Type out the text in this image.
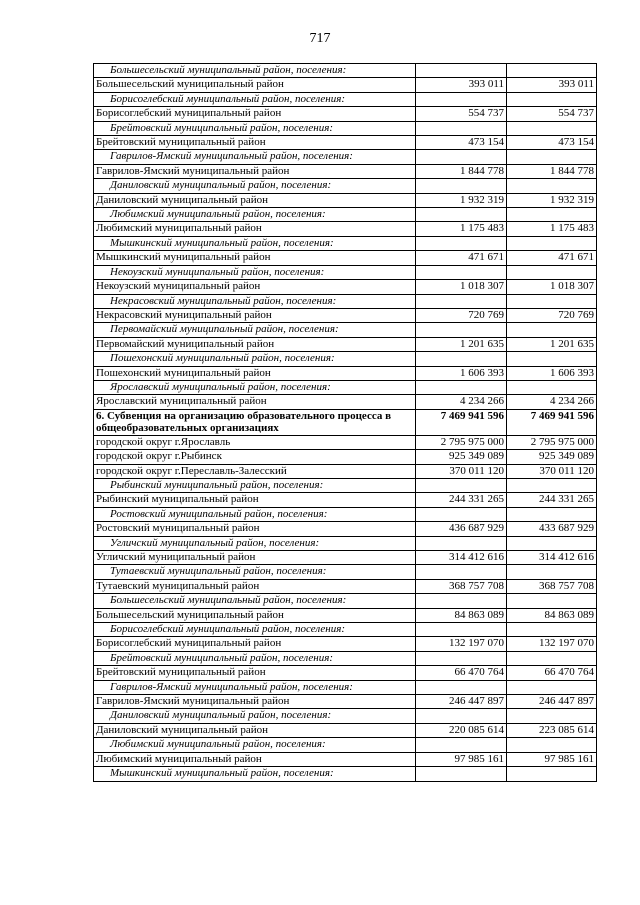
717
Большесельский муниципальный район, поселения:		
Большесельский муниципальный район	393 011	393 011
Борисоглебский муниципальный район, поселения:		
Борисоглебский муниципальный район	554 737	554 737
Брейтовский муниципальный район, поселения:		
Брейтовский муниципальный район	473 154	473 154
Гаврилов-Ямский муниципальный район, поселения:		
Гаврилов-Ямский муниципальный район	1 844 778	1 844 778
Даниловский муниципальный район, поселения:		
Даниловский муниципальный район	1 932 319	1 932 319
Любимский муниципальный район, поселения:		
Любимский муниципальный район	1 175 483	1 175 483
Мышкинский муниципальный район, поселения:		
Мышкинский муниципальный район	471 671	471 671
Некоузский муниципальный район, поселения:		
Некоузский муниципальный район	1 018 307	1 018 307
Некрасовский муниципальный район, поселения:		
Некрасовский муниципальный район	720 769	720 769
Первомайский муниципальный район, поселения:		
Первомайский муниципальный район	1 201 635	1 201 635
Пошехонский муниципальный район, поселения:		
Пошехонский муниципальный район	1 606 393	1 606 393
Ярославский муниципальный район, поселения:		
Ярославский муниципальный район	4 234 266	4 234 266
6. Субвенция на организацию образовательного процесса в общеобразовательных организациях	7 469 941 596	7 469 941 596
городской округ г.Ярославль	2 795 975 000	2 795 975 000
городской округ г.Рыбинск	925 349 089	925 349 089
городской округ г.Переславль-Залесский	370 011 120	370 011 120
Рыбинский муниципальный район, поселения:		
Рыбинский муниципальный район	244 331 265	244 331 265
Ростовский муниципальный район, поселения:		
Ростовский муниципальный район	436 687 929	433 687 929
Угличский муниципальный район, поселения:		
Угличский муниципальный район	314 412 616	314 412 616
Тутаевский муниципальный район, поселения:		
Тутаевский муниципальный район	368 757 708	368 757 708
Большесельский муниципальный район, поселения:		
Большесельский муниципальный район	84 863 089	84 863 089
Борисоглебский муниципальный район, поселения:		
Борисоглебский муниципальный район	132 197 070	132 197 070
Брейтовский муниципальный район, поселения:		
Брейтовский муниципальный район	66 470 764	66 470 764
Гаврилов-Ямский муниципальный район, поселения:		
Гаврилов-Ямский муниципальный район	246 447 897	246 447 897
Даниловский муниципальный район, поселения:		
Даниловский муниципальный район	220 085 614	223 085 614
Любимский муниципальный район, поселения:		
Любимский муниципальный район	97 985 161	97 985 161
Мышкинский муниципальный район, поселения:		
